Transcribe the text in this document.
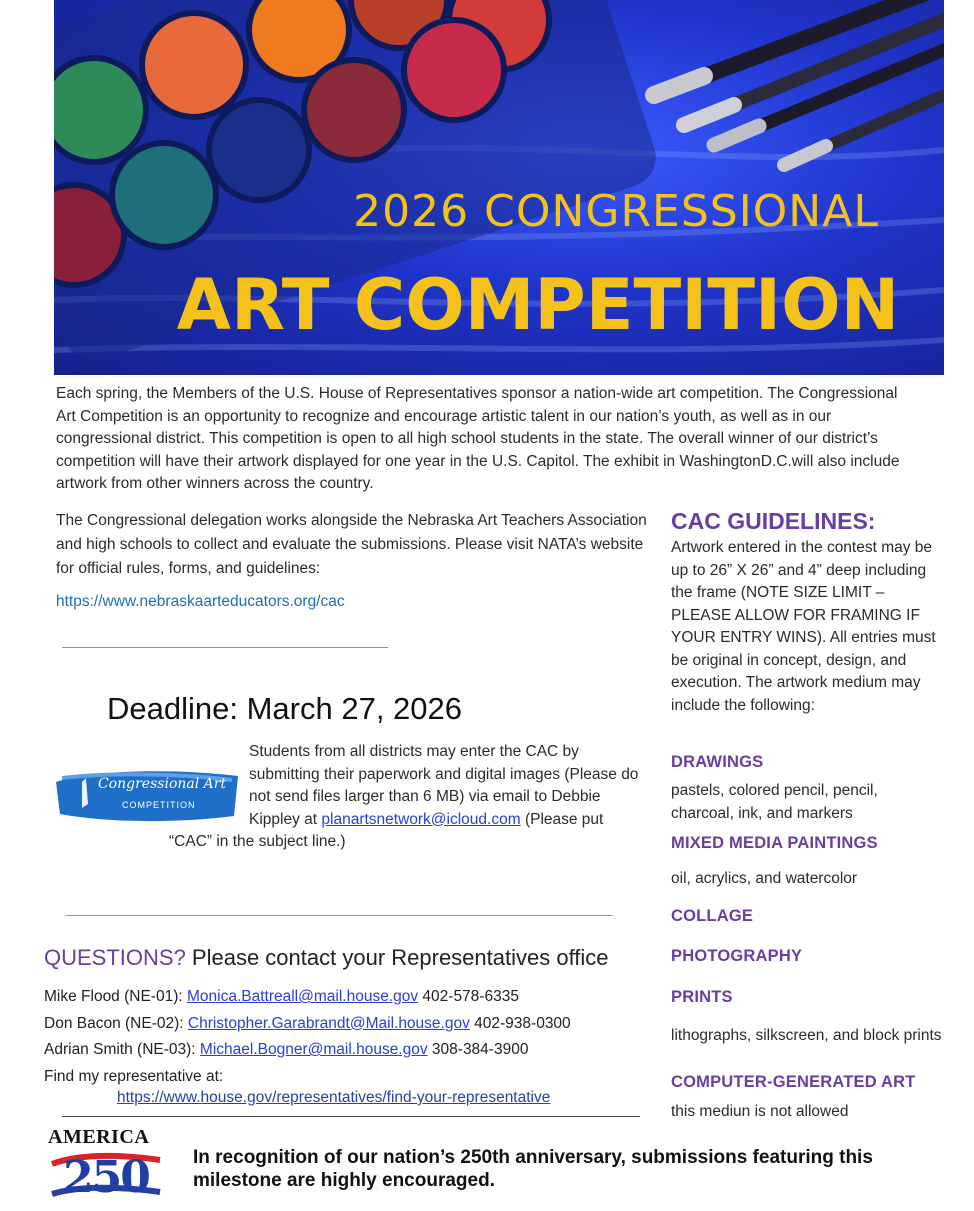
2026 CONGRESSIONAL
ART COMPETITION
Each spring, the Members of the U.S. House of Representatives sponsor a nation-wide art competition. The Congressional Art Competition is an opportunity to recognize and encourage artistic talent in our nation’s youth, as well as in our congressional district. This competition is open to all high school students in the state. The overall winner of our district’s competition will have their artwork displayed for one year in the U.S. Capitol. The exhibit in WashingtonD.C.will also include artwork from other winners across the country.
The Congressional delegation works alongside the Nebraska Art Teachers Association and high schools to collect and evaluate the submissions. Please visit NATA’s website for official rules, forms, and guidelines:
https://www.nebraskaarteducators.org/cac
Deadline: March 27, 2026
Congressional Art
COMPETITION
Students from all districts may enter the CAC by submitting their paperwork and digital images (Please do not send files larger than 6 MB) via email to Debbie Kippley at planartsnetwork@icloud.com (Please put “CAC” in the subject line.)
QUESTIONS? Please contact your Representatives office
Mike Flood (NE-01): Monica.Battreall@mail.house.gov 402-578-6335
Don Bacon (NE-02): Christopher.Garabrandt@Mail.house.gov 402-938-0300
Adrian Smith (NE-03): Michael.Bogner@mail.house.gov 308-384-3900
Find my representative at:
https://www.house.gov/representatives/find-your-representative
CAC GUIDELINES:
Artwork entered in the contest may be up to 26” X 26” and 4” deep including the frame (NOTE SIZE LIMIT – PLEASE ALLOW FOR FRAMING IF YOUR ENTRY WINS). All entries must be original in concept, design, and execution. The artwork medium may include the following:
DRAWINGS
pastels, colored pencil, pencil, charcoal, ink, and markers
MIXED MEDIA PAINTINGS
oil, acrylics, and watercolor
COLLAGE
PHOTOGRAPHY
PRINTS
lithographs, silkscreen, and block prints
COMPUTER-GENERATED ART
this mediun is not allowed
AMERICA
250	In recognition of our nation’s 250th anniversary, submissions featuring this milestone are highly encouraged.
